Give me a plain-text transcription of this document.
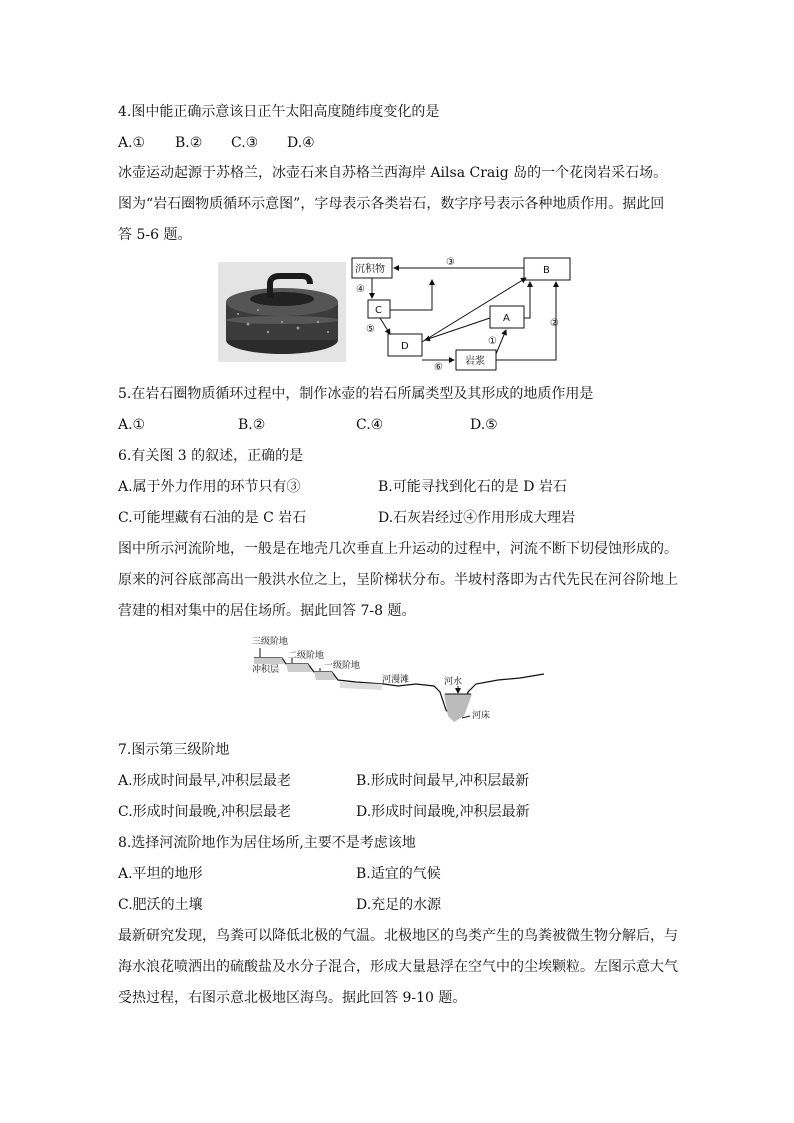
4.图中能正确示意该日正午太阳高度随纬度变化的是
A.① B.② C.③ D.④
冰壶运动起源于苏格兰，冰壶石来自苏格兰西海岸 Ailsa Craig 岛的一个花岗岩采石场。图为“岩石圈物质循环示意图”，字母表示各类岩石，数字序号表示各种地质作用。据此回答 5-6 题。
沉积物
C
D
岩浆
A
B
①
②
③
④
⑤
⑥
5.在岩石圈物质循环过程中，制作冰壶的岩石所属类型及其形成的地质作用是
A.①	B.②	C.④	D.⑤
6.有关图 3 的叙述，正确的是
A.属于外力作用的环节只有③	B.可能寻找到化石的是 D 岩石
C.可能埋藏有石油的是 C 岩石	D.石灰岩经过④作用形成大理岩
图中所示河流阶地，一般是在地壳几次垂直上升运动的过程中，河流不断下切侵蚀形成的。原来的河谷底部高出一般洪水位之上，呈阶梯状分布。半坡村落即为古代先民在河谷阶地上营建的相对集中的居住场所。据此回答 7-8 题。
三级阶地
二级阶地
一级阶地
冲积层
河漫滩	河水
河床
7.图示第三级阶地
A.形成时间最早,冲积层最老	B.形成时间最早,冲积层最新
C.形成时间最晚,冲积层最老	D.形成时间最晚,冲积层最新
8.选择河流阶地作为居住场所,主要不是考虑该地
A.平坦的地形	B.适宜的气候
C.肥沃的土壤	D.充足的水源
最新研究发现，鸟粪可以降低北极的气温。北极地区的鸟类产生的鸟粪被微生物分解后，与海水浪花喷洒出的硫酸盐及水分子混合，形成大量悬浮在空气中的尘埃颗粒。左图示意大气受热过程，右图示意北极地区海鸟。据此回答 9-10 题。
